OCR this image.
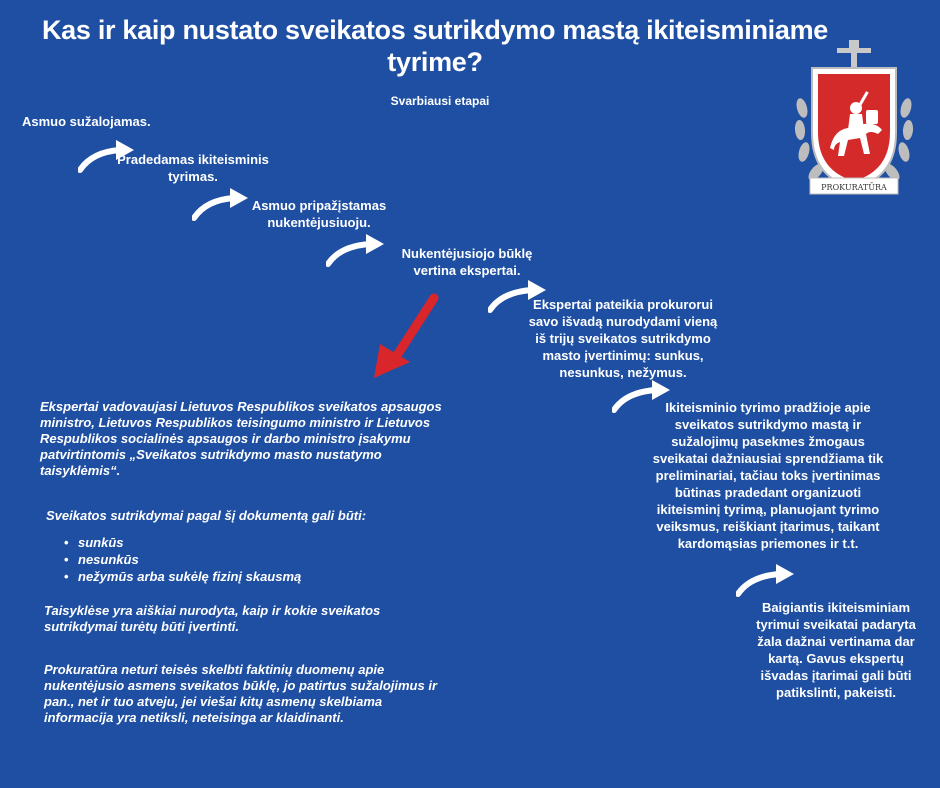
Kas ir kaip nustato sveikatos sutrikdymo mastą ikiteisminiame tyrime?
Svarbiausi etapai
PROKURATŪRA
Asmuo sužalojamas.
Pradedamas ikiteisminis tyrimas.
Asmuo pripažįstamas nukentėjusiuoju.
Nukentėjusiojo būklę vertina ekspertai.
Ekspertai pateikia prokurorui savo išvadą nurodydami vieną iš trijų sveikatos sutrikdymo masto įvertinimų: sunkus, nesunkus, nežymus.
Ikiteisminio tyrimo pradžioje apie sveikatos sutrikdymo mastą ir sužalojimų pasekmes žmogaus sveikatai dažniausiai sprendžiama tik preliminariai, tačiau toks įvertinimas būtinas pradedant organizuoti ikiteisminį tyrimą, planuojant tyrimo veiksmus, reiškiant įtarimus, taikant kardomąsias priemones ir t.t.
Baigiantis ikiteisminiam tyrimui sveikatai padaryta žala dažnai vertinama dar kartą. Gavus ekspertų išvadas įtarimai gali būti patikslinti, pakeisti.
Ekspertai vadovaujasi Lietuvos Respublikos sveikatos apsaugos ministro, Lietuvos Respublikos teisingumo ministro ir Lietuvos Respublikos socialinės apsaugos ir darbo ministro įsakymu patvirtintomis „Sveikatos sutrikdymo masto nustatymo taisyklėmis“.
Sveikatos sutrikdymai pagal šį dokumentą gali būti:
• sunkūs
• nesunkūs
• nežymūs arba sukėlę fizinį skausmą
Taisyklėse yra aiškiai nurodyta, kaip ir kokie sveikatos sutrikdymai turėtų būti įvertinti.
Prokuratūra neturi teisės skelbti faktinių duomenų apie nukentėjusio asmens sveikatos būklę, jo patirtus sužalojimus ir pan., net ir tuo atveju, jei viešai kitų asmenų skelbiama informacija yra netiksli, neteisinga ar klaidinanti.
